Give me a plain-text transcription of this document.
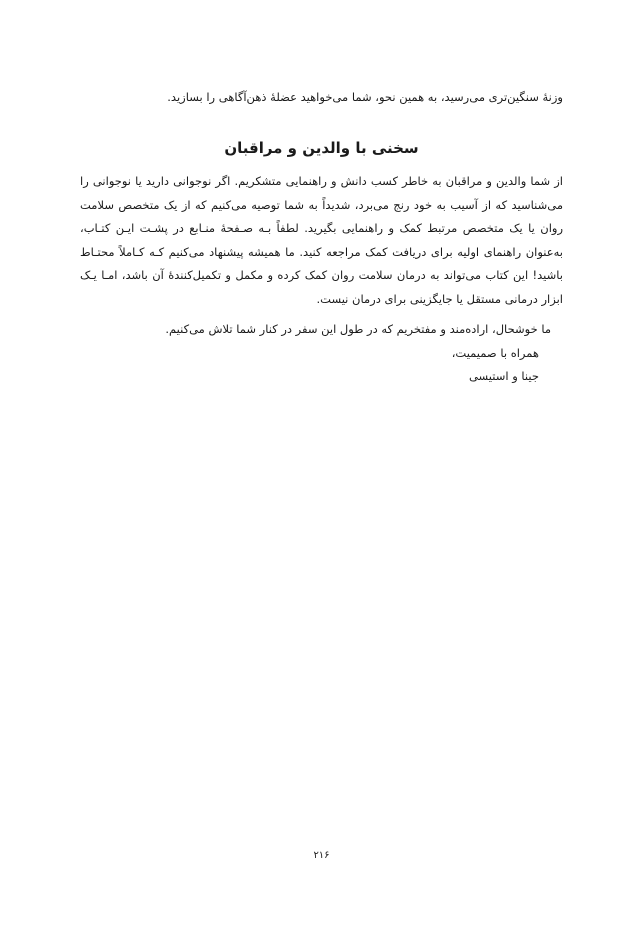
وزنهٔ سنگین‌تری می‌رسید، به همین نحو، شما می‌خواهید عضلهٔ ذهن‌آگاهی را بسازید.
سخنی با والدین و مراقبان
از شما والدین و مراقبان به خاطر کسب دانش و راهنمایی متشکریم. اگر نوجوانی دارید یا نوجوانی را
می‌شناسید که از آسیب به خود رنج می‌برد، شدیداً به شما توصیه می‌کنیم که از یک متخصص سلامت
روان یا یک متخصص مرتبط کمک و راهنمایی بگیرید. لطفاً بـه صـفحهٔ منـابع در پشـت ایـن کتـاب،
به‌عنوان راهنمای اولیه برای دریافت کمک مراجعه کنید. ما همیشه پیشنهاد می‌کنیم کـه کـاملاً محتـاط
باشید! این کتاب می‌تواند به درمان سلامت روان کمک کرده و مکمل و تکمیل‌کنندهٔ آن باشد، امـا یـک
ابزار درمانی مستقل یا جایگزینی برای درمان نیست.
ما خوشحال، اراده‌مند و مفتخریم که در طول این سفر در کنار شما تلاش می‌کنیم.
همراه با صمیمیت،
جینا و استیسی
۲۱۶
